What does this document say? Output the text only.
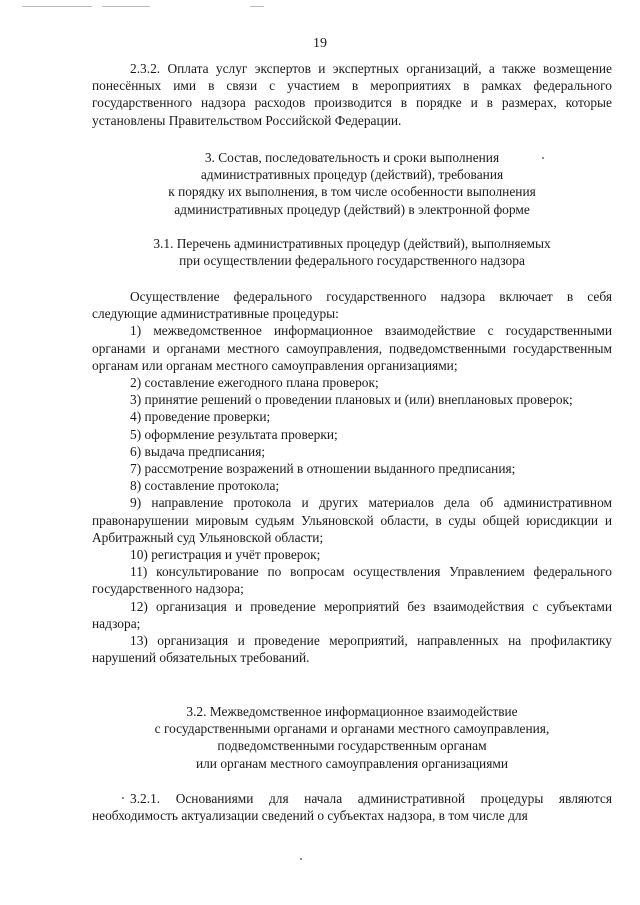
19
2.3.2. Оплата услуг экспертов и экспертных организаций, а также возмещение понесённых ими в связи с участием в мероприятиях в рамках федерального государственного надзора расходов производится в порядке и в размерах, которые установлены Правительством Российской Федерации.
3. Состав, последовательность и сроки выполнения
административных процедур (действий), требования
к порядку их выполнения, в том числе особенности выполнения
административных процедур (действий) в электронной форме
3.1. Перечень административных процедур (действий), выполняемых
при осуществлении федерального государственного надзора

Осуществление федерального государственного надзора включает в себя следующие административные процедуры:

1) межведомственное информационное взаимодействие с государственными органами и органами местного самоуправления, подведомственными государственным органам или органам местного самоуправления организациями;

2) составление ежегодного плана проверок;

3) принятие решений о проведении плановых и (или) внеплановых проверок;

4) проведение проверки;

5) оформление результата проверки;

6) выдача предписания;

7) рассмотрение возражений в отношении выданного предписания;

8) составление протокола;

9) направление протокола и других материалов дела об административном правонарушении мировым судьям Ульяновской области, в суды общей юрисдикции и Арбитражный суд Ульяновской области;

10) регистрация и учёт проверок;

11) консультирование по вопросам осуществления Управлением федерального государственного надзора;

12) организация и проведение мероприятий без взаимодействия с субъектами надзора;

13) организация и проведение мероприятий, направленных на профилактику нарушений обязательных требований.

3.2. Межведомственное информационное взаимодействие
с государственными органами и органами местного самоуправления,
подведомственными государственным органам
или органам местного самоуправления организациями
3.2.1. Основаниями для начала административной процедуры являются необходимость актуализации сведений о субъектах надзора, в том числе для
